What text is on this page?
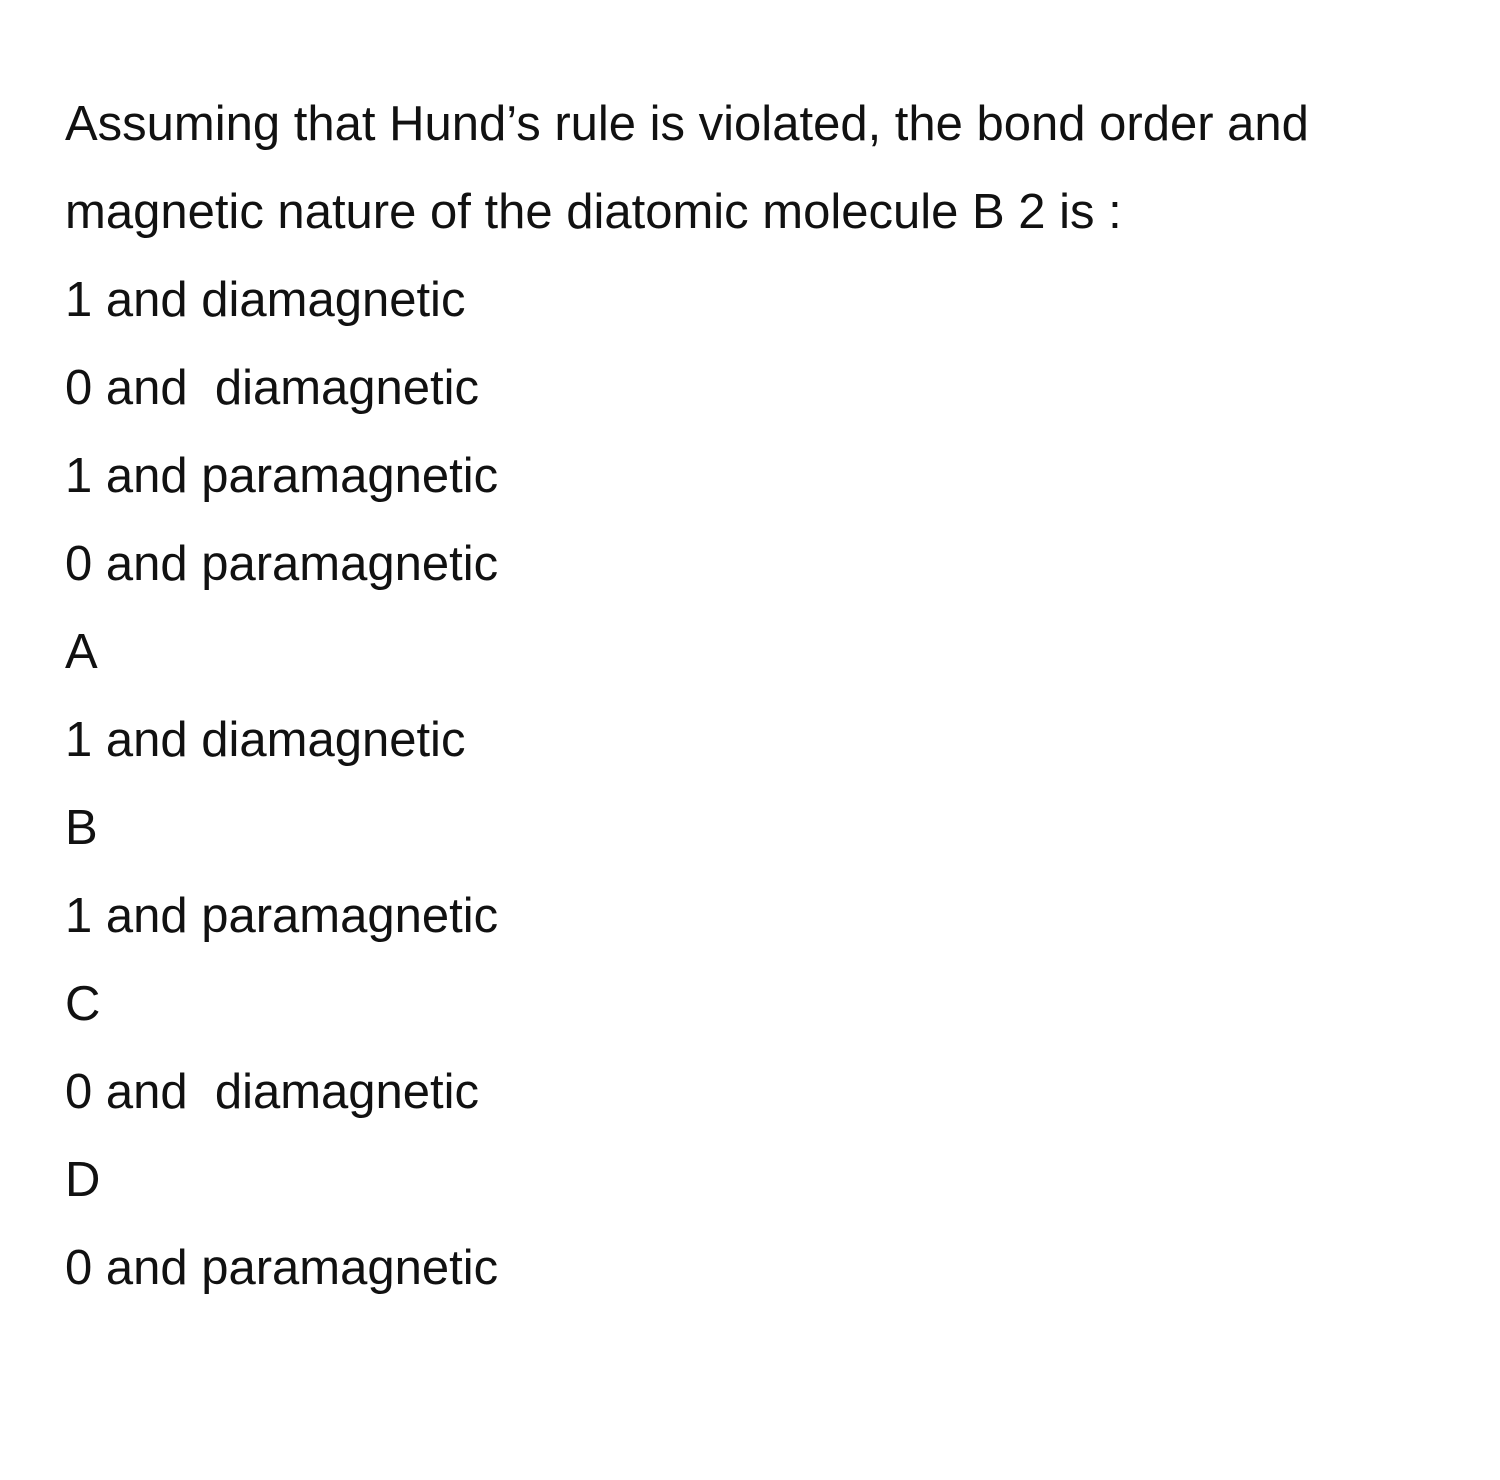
Assuming that Hund’s rule is violated, the bond order and magnetic nature of the diatomic molecule B 2 is :
1 and diamagnetic
0 and  diamagnetic
1 and paramagnetic
0 and paramagnetic
A
1 and diamagnetic
B
1 and paramagnetic
C
0 and  diamagnetic
D
0 and paramagnetic
